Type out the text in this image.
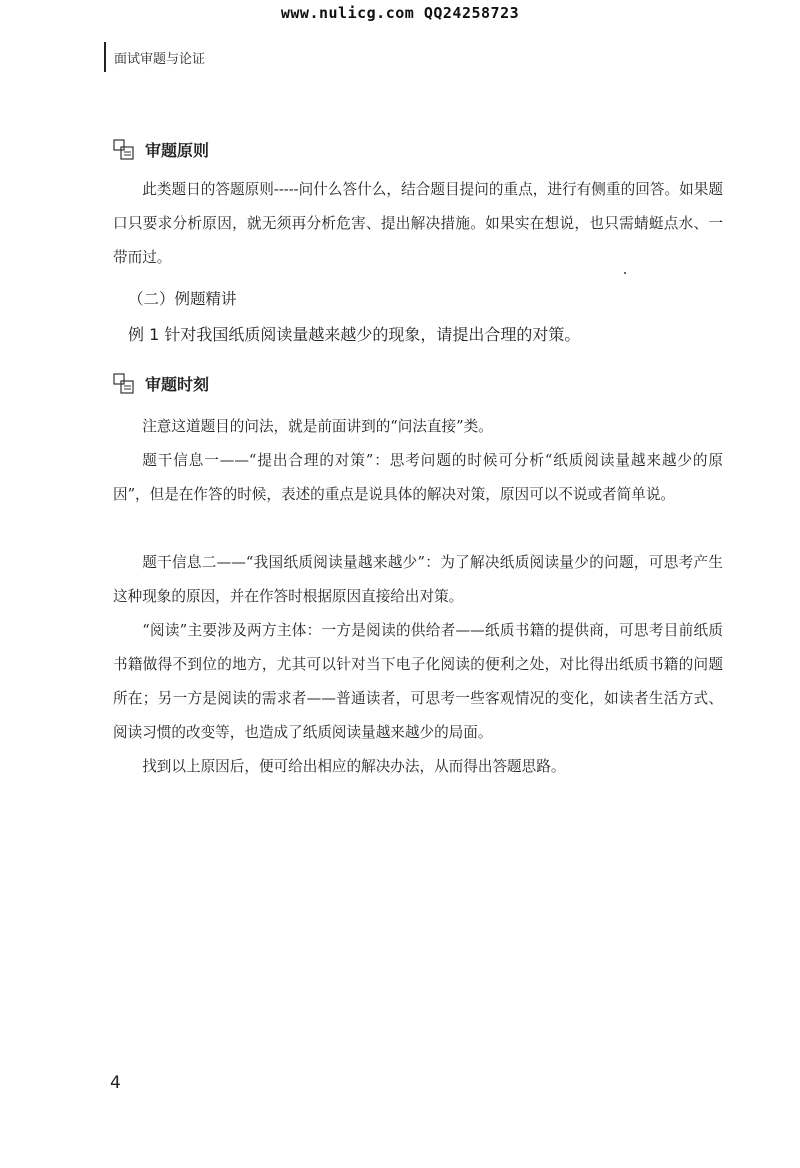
www.nulicg.com QQ24258723
面试审题与论证
审题原则

此类题日的答题原则-----问什么答什么，结合题目提问的重点，进行有侧重的回答。如果题口只要求分析原因，就无须再分析危害、提出解决措施。如果实在想说，也只需蜻蜓点水、一带而过。

（二）例题精讲
例 1 针对我国纸质阅读量越来越少的现象，请提出合理的对策。
审题时刻

注意这道题目的问法，就是前面讲到的“问法直接”类。

题干信息一——“提出合理的对策”：思考问题的时候可分析“纸质阅读量越来越少的原因”，但是在作答的时候，表述的重点是说具体的解决对策，原因可以不说或者简单说。

题干信息二——“我国纸质阅读量越来越少”：为了解决纸质阅读量少的问题，可思考产生这种现象的原因，并在作答时根据原因直接给出对策。

“阅读”主要涉及两方主体：一方是阅读的供给者——纸质书籍的提供商，可思考目前纸质书籍做得不到位的地方，尤其可以针对当下电子化阅读的便利之处，对比得出纸质书籍的问题所在；另一方是阅读的需求者——普通读者，可思考一些客观情况的变化，如读者生活方式、阅读习惯的改变等，也造成了纸质阅读量越来越少的局面。

找到以上原因后，便可给出相应的解决办法，从而得出答题思路。

4
